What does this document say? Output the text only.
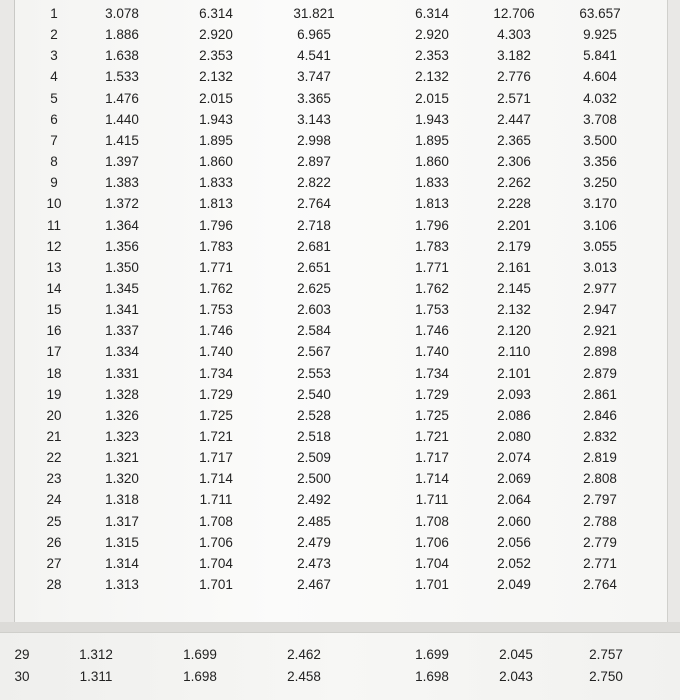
1	3.078	6.314	31.821	6.314	12.706	63.657
2	1.886	2.920	6.965	2.920	4.303	9.925
3	1.638	2.353	4.541	2.353	3.182	5.841
4	1.533	2.132	3.747	2.132	2.776	4.604
5	1.476	2.015	3.365	2.015	2.571	4.032
6	1.440	1.943	3.143	1.943	2.447	3.708
7	1.415	1.895	2.998	1.895	2.365	3.500
8	1.397	1.860	2.897	1.860	2.306	3.356
9	1.383	1.833	2.822	1.833	2.262	3.250
10	1.372	1.813	2.764	1.813	2.228	3.170
11	1.364	1.796	2.718	1.796	2.201	3.106
12	1.356	1.783	2.681	1.783	2.179	3.055
13	1.350	1.771	2.651	1.771	2.161	3.013
14	1.345	1.762	2.625	1.762	2.145	2.977
15	1.341	1.753	2.603	1.753	2.132	2.947
16	1.337	1.746	2.584	1.746	2.120	2.921
17	1.334	1.740	2.567	1.740	2.110	2.898
18	1.331	1.734	2.553	1.734	2.101	2.879
19	1.328	1.729	2.540	1.729	2.093	2.861
20	1.326	1.725	2.528	1.725	2.086	2.846
21	1.323	1.721	2.518	1.721	2.080	2.832
22	1.321	1.717	2.509	1.717	2.074	2.819
23	1.320	1.714	2.500	1.714	2.069	2.808
24	1.318	1.711	2.492	1.711	2.064	2.797
25	1.317	1.708	2.485	1.708	2.060	2.788
26	1.315	1.706	2.479	1.706	2.056	2.779
27	1.314	1.704	2.473	1.704	2.052	2.771
28	1.313	1.701	2.467	1.701	2.049	2.764
29	1.312	1.699	2.462	1.699	2.045	2.757
30	1.311	1.698	2.458	1.698	2.043	2.750
